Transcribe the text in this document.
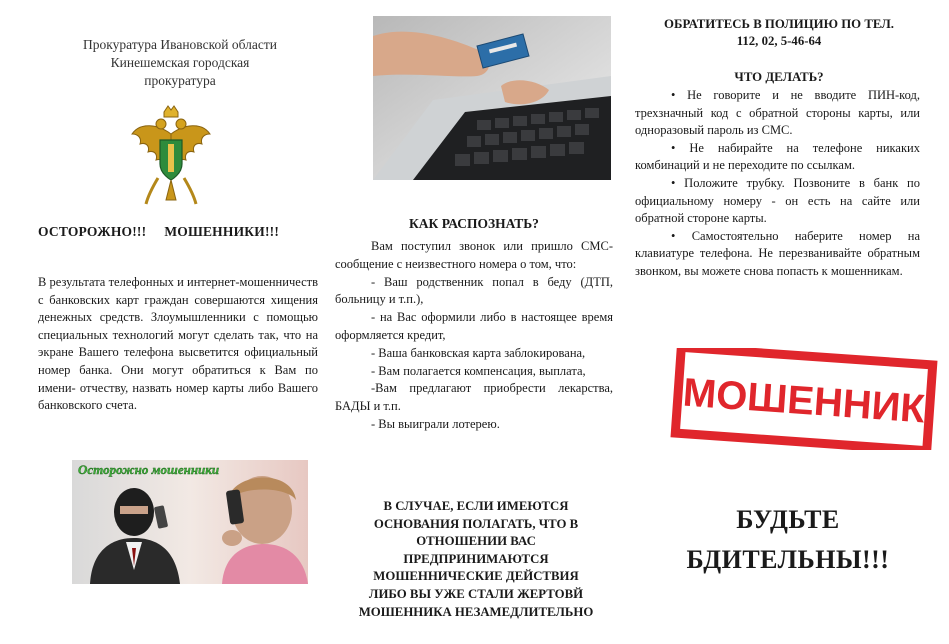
Прокуратура Ивановской области
Кинешемская городская
прокуратура
ОСТОРОЖНО!!! МОШЕННИКИ!!!
В результата телефонных и интернет-мошенничеств с банковских карт граждан совершаются хищения денежных средств. Злоумышленники с помощью специальных технологий могут сделать так, что на экране Вашего телефона высветится официальный номер банка. Они могут обратиться к Вам по имени- отчеству, назвать номер карты либо Вашего банковского счета.
Осторожно мошенники
КАК РАСПОЗНАТЬ?

Вам поступил звонок или пришло СМС- сообщение с неизвестного номера о том, что:

- Ваш родственник попал в беду (ДТП, больницу и т.п.),

- на Вас оформили либо в настоящее время оформляется кредит,

- Ваша банковская карта заблокирована,

- Вам полагается компенсация, выплата,

-Вам предлагают приобрести лекарства, БАДЫ и т.п.

- Вы выиграли лотерею.

В СЛУЧАЕ, ЕСЛИ ИМЕЮТСЯ
ОСНОВАНИЯ ПОЛАГАТЬ, ЧТО В
ОТНОШЕНИИ ВАС
ПРЕДПРИНИМАЮТСЯ
МОШЕННИЧЕСКИЕ ДЕЙСТВИЯ
ЛИБО ВЫ УЖЕ СТАЛИ ЖЕРТОВЙ
МОШЕННИКА НЕЗАМЕДЛИТЕЛЬНО
ОБРАТИТЕСЬ В ПОЛИЦИЮ ПО ТЕЛ.
112, 02, 5-46-64
ЧТО ДЕЛАТЬ?

• Не говорите и не вводите ПИН-код, трехзначный код с обратной стороны карты, или одноразовый пароль из СМС.

• Не набирайте на телефоне никаких комбинаций и не переходите по ссылкам.

• Положите трубку. Позвоните в банк по официальному номеру - он есть на сайте или обратной стороне карты.

• Самостоятельно наберите номер на клавиатуре телефона. Не перезванивайте обратным звонком, вы можете снова попасть к мошенникам.

МОШЕННИК
БУДЬТЕ
БДИТЕЛЬНЫ!!!
